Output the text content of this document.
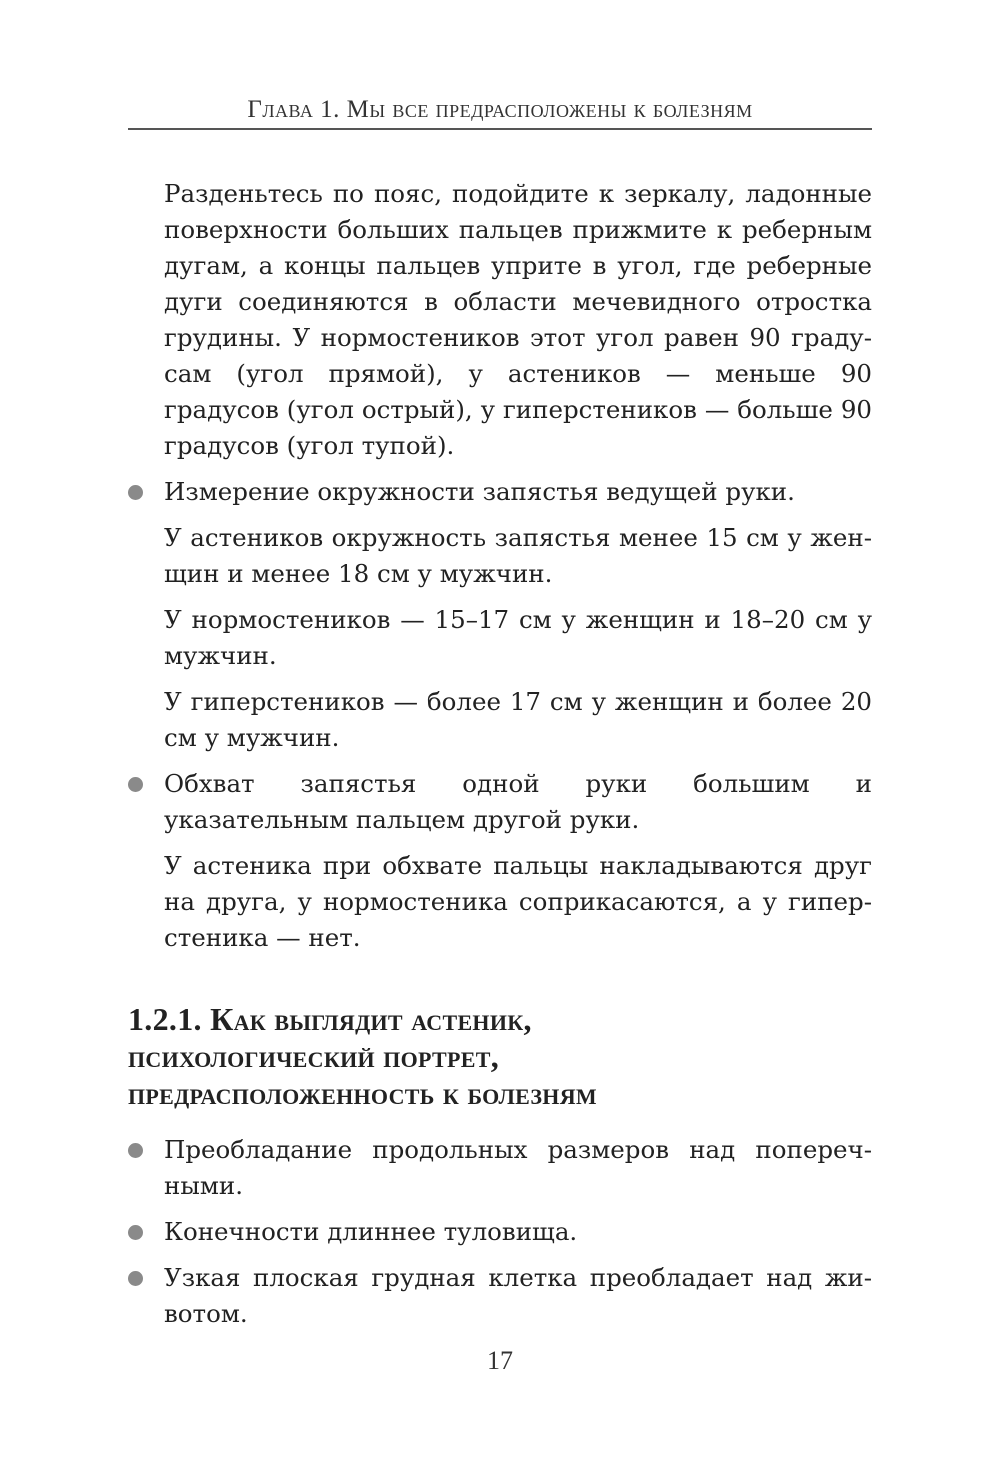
Глава 1. Мы все предрасположены к болезням

Разденьтесь по пояс, подойдите к зеркалу, ладонные поверхности больших пальцев прижмите к реберным дугам, а концы пальцев уприте в угол, где реберные дуги соединяются в области мечевидного отростка грудины. У нормостеников этот угол равен 90 градусам (угол прямой), у астеников — меньше 90 градусов (угол острый), у гиперстеников — больше 90 градусов (угол тупой).

Измерение окружности запястья ведущей руки.

У астеников окружность запястья менее 15 см у женщин и менее 18 см у мужчин.

У нормостеников — 15–17 см у женщин и 18–20 см у мужчин.

У гиперстеников — более 17 см у женщин и более 20 см у мужчин.

Обхват запястья одной руки большим и указательным пальцем другой руки.

У астеника при обхвате пальцы накладываются друг на друга, у нормостеника соприкасаются, а у гиперстеника — нет.

1.2.1. Как выглядит астеник,
психологический портрет,
предрасположенность к болезням
Преобладание продольных размеров над поперечными.
Конечности длиннее туловища.
Узкая плоская грудная клетка преобладает над животом.
17
